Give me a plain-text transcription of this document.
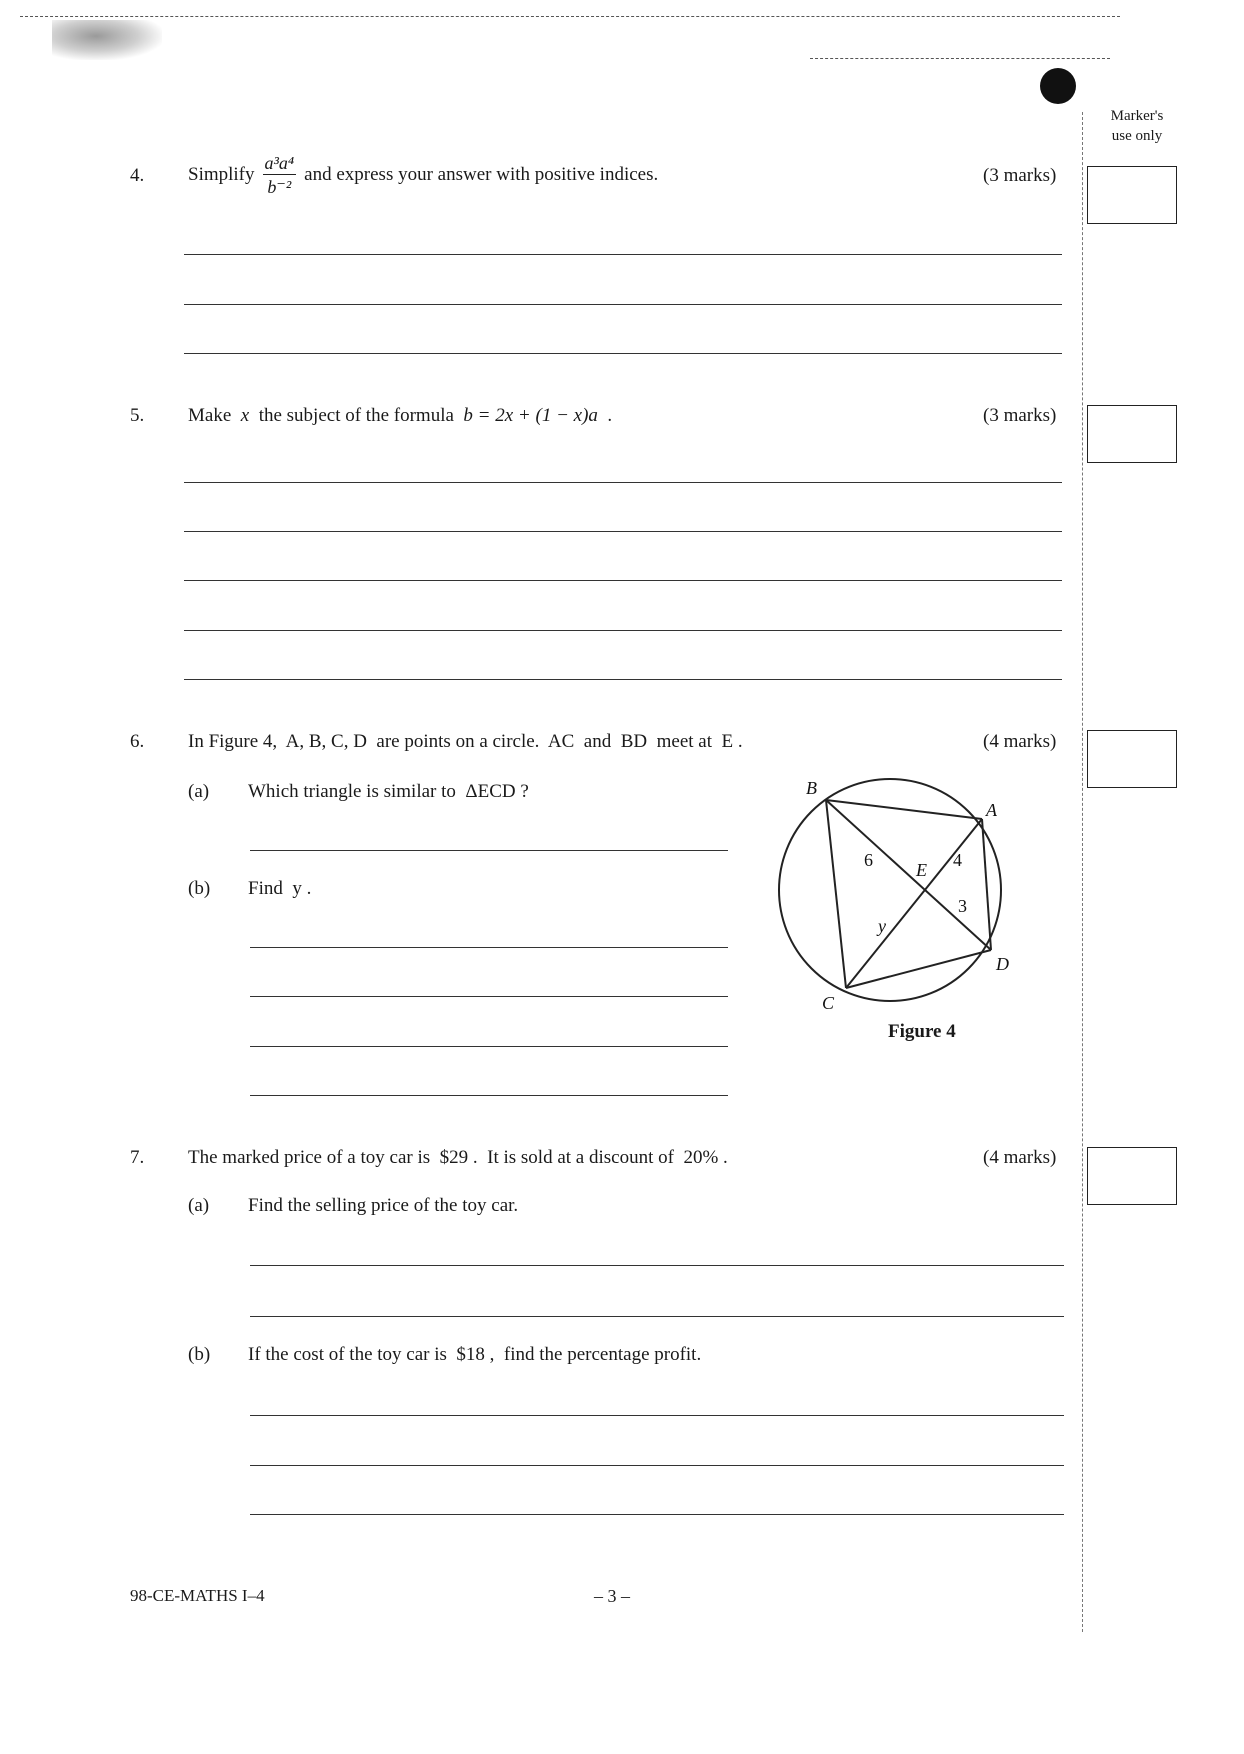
Marker's
use only
4. Simplify $\frac{\text{a³a⁴}}{\text{b⁻²}}$ and express your answer with positive indices.	(3 marks)
5. Make x the subject of the formula b = 2x + (1 − x)a .	(3 marks)
6. In Figure 4,  A, B, C, D  are points on a circle.  AC  and  BD  meet at  E .	(4 marks)
(a) Which triangle is similar to  ΔECD ?
(b) Find  y .
B
A
C
D
E
6	4
3
y
Figure 4
7. The marked price of a toy car is  $29 .  It is sold at a discount of  20% .	(4 marks)
(a) Find the selling price of the toy car.
(b) If the cost of the toy car is  $18 ,  find the percentage profit.
98-CE-MATHS I–4	– 3 –
